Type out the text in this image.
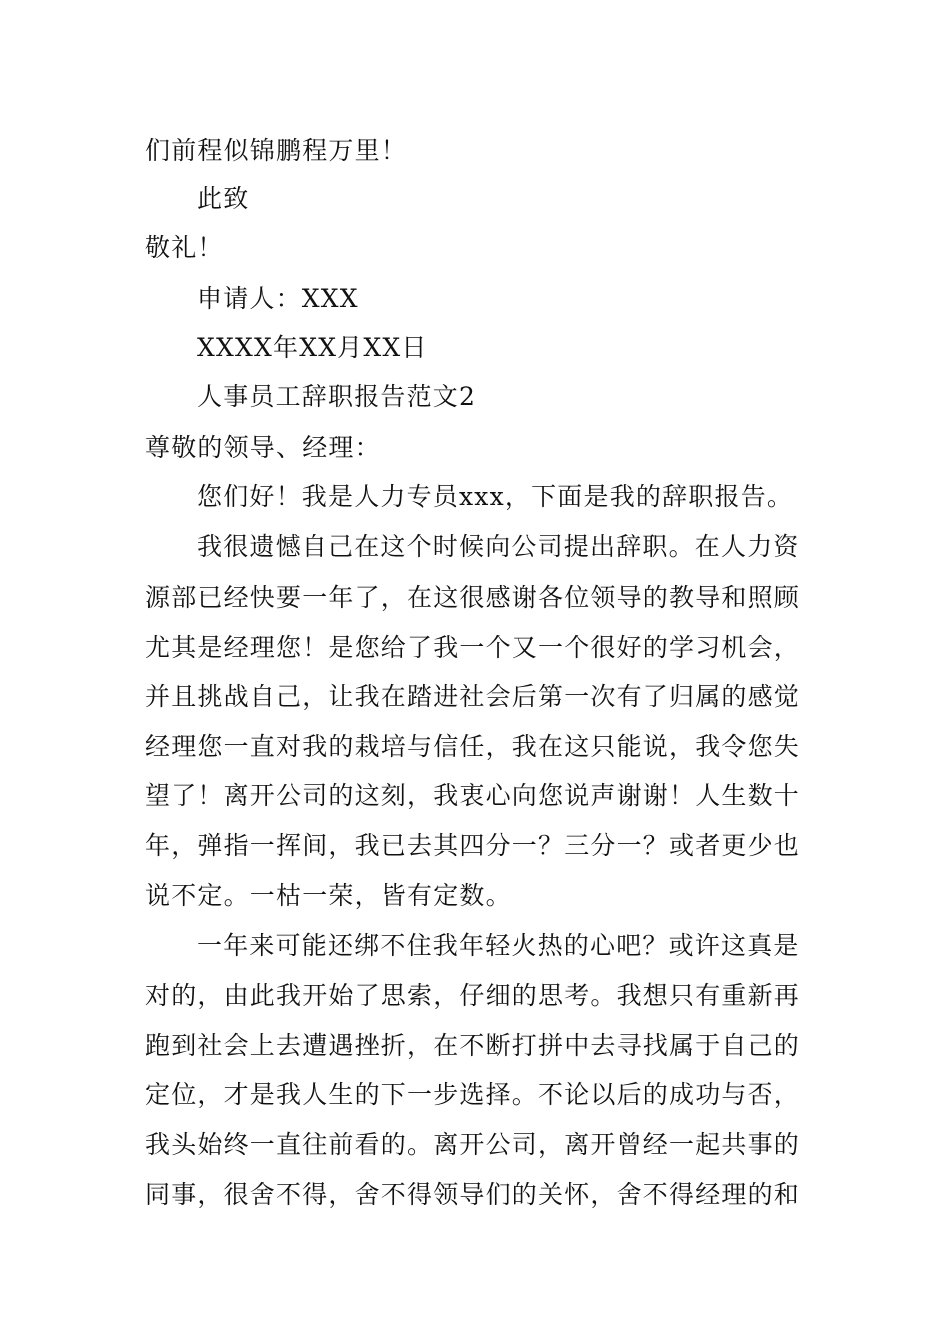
们前程似锦鹏程万里！
此致
敬礼！
申请人：XXX
XXXX年XX月XX日
人事员工辞职报告范文2
尊敬的领导、经理：
您们好！我是人力专员xxx，下面是我的辞职报告。
我很遗憾自己在这个时候向公司提出辞职。在人力资
源部已经快要一年了，在这很感谢各位领导的教导和照顾
尤其是经理您！是您给了我一个又一个很好的学习机会，
并且挑战自己，让我在踏进社会后第一次有了归属的感觉
经理您一直对我的栽培与信任，我在这只能说，我令您失
望了！离开公司的这刻，我衷心向您说声谢谢！人生数十
年，弹指一挥间，我已去其四分一？三分一？或者更少也
说不定。一枯一荣，皆有定数。
一年来可能还绑不住我年轻火热的心吧？或许这真是
对的，由此我开始了思索，仔细的思考。我想只有重新再
跑到社会上去遭遇挫折，在不断打拼中去寻找属于自己的
定位，才是我人生的下一步选择。不论以后的成功与否，
我头始终一直往前看的。离开公司，离开曾经一起共事的
同事，很舍不得，舍不得领导们的关怀，舍不得经理的和
